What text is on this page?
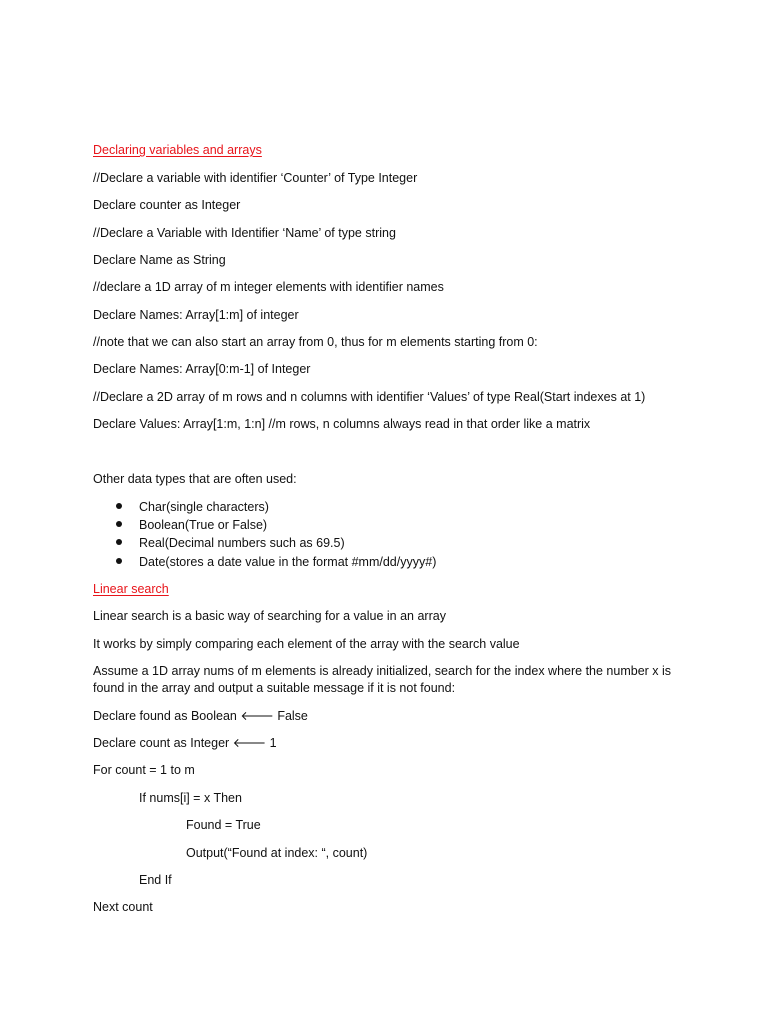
Declaring variables and arrays
//Declare a variable with identifier ‘Counter’ of Type Integer
Declare counter as Integer
//Declare a Variable with Identifier ‘Name’ of type string
Declare Name as String
//declare a 1D array of m integer elements with identifier names
Declare Names: Array[1:m] of integer
//note that we can also start an array from 0, thus for m elements starting from 0:
Declare Names: Array[0:m-1] of Integer
//Declare a 2D array of m rows and n columns with identifier ‘Values’ of type Real(Start indexes at 1)
Declare Values: Array[1:m, 1:n] //m rows, n columns always read in that order like a matrix
Other data types that are often used:
Char(single characters)
Boolean(True or False)
Real(Decimal numbers such as 69.5)
Date(stores a date value in the format #mm/dd/yyyy#)
Linear search
Linear search is a basic way of searching for a value in an array
It works by simply comparing each element of the array with the search value
Assume a 1D array nums of m elements is already initialized, search for the index where the number x is found in the array and output a suitable message if it is not found:
Declare found as Boolean 🡐 False
Declare count as Integer 🡐 1
For count = 1 to m
If nums[i] = x Then
Found = True
Output(“Found at index: “, count)
End If
Next count
